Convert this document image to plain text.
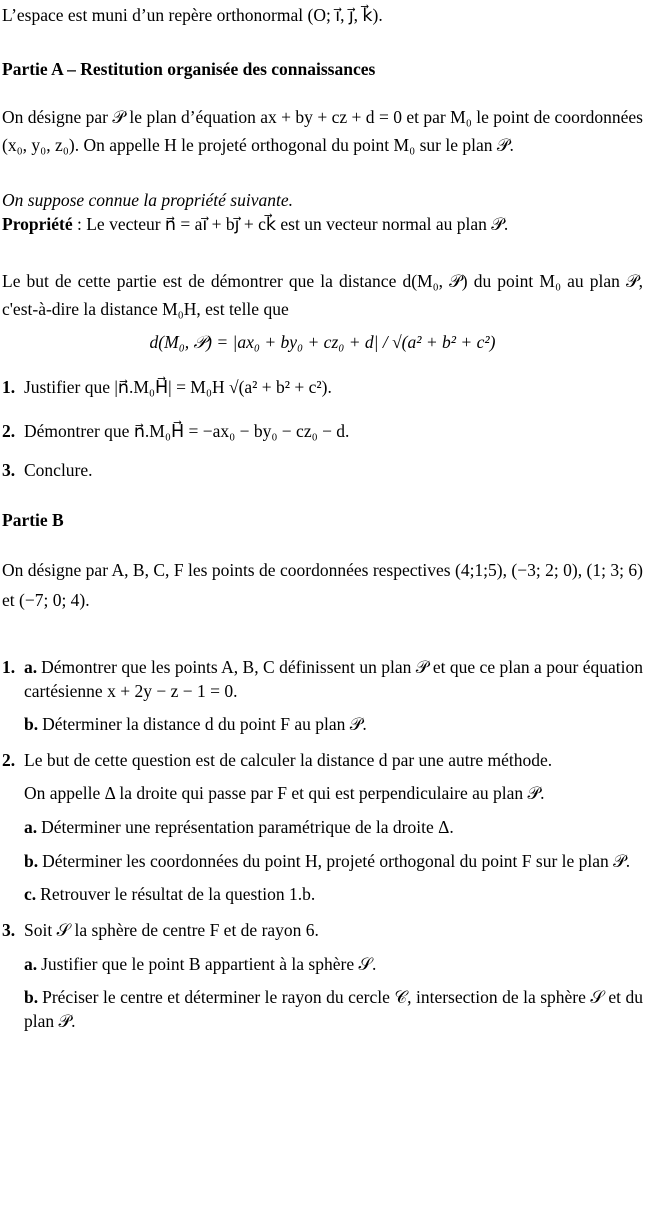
L’espace est muni d’un repère orthonormal (O; i⃗, j⃗, k⃗).

Partie A – Restitution organisée des connaissances

On désigne par 𝒫 le plan d’équation ax + by + cz + d = 0 et par M₀ le point de coordonnées (x₀, y₀, z₀). On appelle H le projeté orthogonal du point M₀ sur le plan 𝒫.

On suppose connue la propriété suivante.

Propriété : Le vecteur n⃗ = ai⃗ + bj⃗ + ck⃗ est un vecteur normal au plan 𝒫.

Le but de cette partie est de démontrer que la distance d(M₀, 𝒫) du point M₀ au plan 𝒫, c'est-à-dire la distance M₀H, est telle que

d(M₀, 𝒫) = |ax₀ + by₀ + cz₀ + d| / √(a² + b² + c²)

1. Justifier que |n⃗.M₀H⃗| = M₀H √(a² + b² + c²).
2. Démontrer que n⃗.M₀H⃗ = −ax₀ − by₀ − cz₀ − d.
3. Conclure.

Partie B

On désigne par A, B, C, F les points de coordonnées respectives (4;1;5), (−3; 2; 0), (1; 3; 6) et (−7; 0; 4).

1. a. Démontrer que les points A, B, C définissent un plan 𝒫 et que ce plan a pour équation cartésienne x + 2y − z − 1 = 0.

b. Déterminer la distance d du point F au plan 𝒫.

2. Le but de cette question est de calculer la distance d par une autre méthode.

On appelle Δ la droite qui passe par F et qui est perpendiculaire au plan 𝒫.

a. Déterminer une représentation paramétrique de la droite Δ.

b. Déterminer les coordonnées du point H, projeté orthogonal du point F sur le plan 𝒫.

c. Retrouver le résultat de la question 1.b.

3. Soit 𝒮 la sphère de centre F et de rayon 6.

a. Justifier que le point B appartient à la sphère 𝒮.

b. Préciser le centre et déterminer le rayon du cercle 𝒞, intersection de la sphère 𝒮 et du plan 𝒫.
